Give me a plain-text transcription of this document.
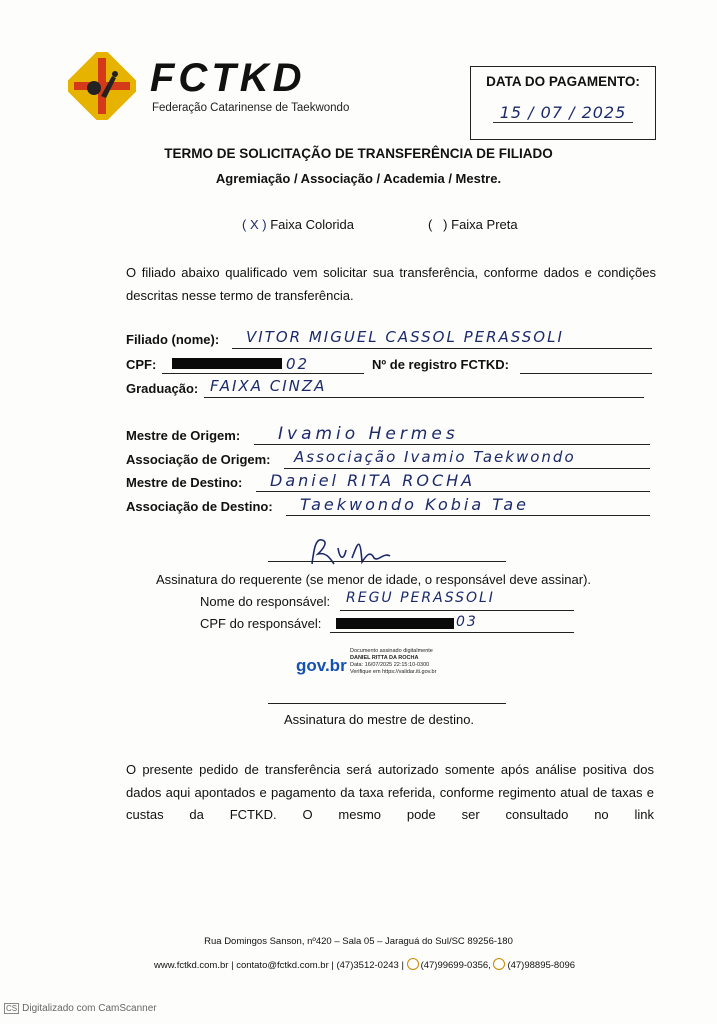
FCTKD
Federação Catarinense de Taekwondo
DATA DO PAGAMENTO:
15 / 07 / 2025
TERMO DE SOLICITAÇÃO DE TRANSFERÊNCIA DE FILIADO
Agremiação / Associação / Academia / Mestre.
( X ) Faixa Colorida	(   ) Faixa Preta
O filiado abaixo qualificado vem solicitar sua transferência, conforme dados e condições descritas nesse termo de transferência.
Filiado (nome): VITOR MIGUEL CASSOL PERASSOLI
CPF:	02	Nº de registro FCTKD:
Graduação: FAIXA CINZA
Mestre de Origem: Ivamio Hermes
Associação de Origem: Associação Ivamio Taekwondo
Mestre de Destino: Daniel RITA ROCHA
Associação de Destino: Taekwondo Kobia Tae
Assinatura do requerente (se menor de idade, o responsável deve assinar).
Nome do responsável: REGU PERASSOLI
CPF do responsável:	03
gov.br
Documento assinado digitalmente
DANIEL RITTA DA ROCHA
Data: 16/07/2025 22:15:10-0300
Verifique em https://validar.iti.gov.br
Assinatura do mestre de destino.
O presente pedido de transferência será autorizado somente após análise positiva dos
dados aqui apontados e pagamento da taxa referida, conforme regimento atual de taxas e
custas da FCTKD. O mesmo pode ser consultado no link
Rua Domingos Sanson, nº420 – Sala 05 – Jaraguá do Sul/SC 89256-180
www.fctkd.com.br | contato@fctkd.com.br | (47)3512-0243 | (47)99699-0356, (47)98895-8096
CS Digitalizado com CamScanner
